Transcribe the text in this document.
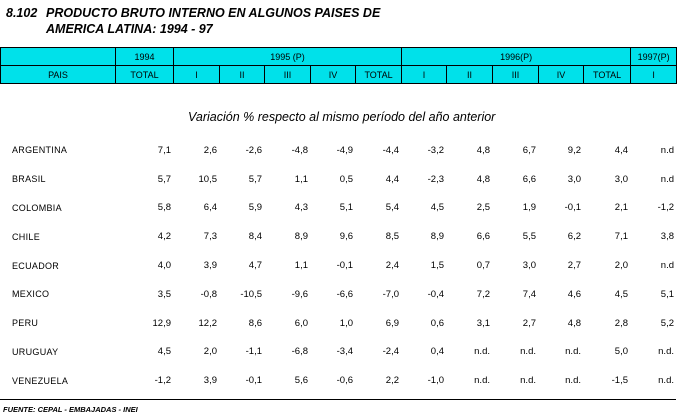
8.102 PRODUCTO BRUTO INTERNO EN ALGUNOS PAISES DE
AMERICA LATINA: 1994 - 97
	1994	1995 (P)					1996(P)					1997(P)
PAIS	TOTAL	I	II	III	IV	TOTAL	I	II	III	IV	TOTAL	I
Variación % respecto al mismo período del año anterior
ARGENTINA	7,1	2,6	-2,6	-4,8	-4,9	-4,4	-3,2	4,8	6,7	9,2	4,4	n.d
BRASIL	5,7	10,5	5,7	1,1	0,5	4,4	-2,3	4,8	6,6	3,0	3,0	n.d
COLOMBIA	5,8	6,4	5,9	4,3	5,1	5,4	4,5	2,5	1,9	-0,1	2,1	-1,2
CHILE	4,2	7,3	8,4	8,9	9,6	8,5	8,9	6,6	5,5	6,2	7,1	3,8
ECUADOR	4,0	3,9	4,7	1,1	-0,1	2,4	1,5	0,7	3,0	2,7	2,0	n.d
MEXICO	3,5	-0,8	-10,5	-9,6	-6,6	-7,0	-0,4	7,2	7,4	4,6	4,5	5,1
PERU	12,9	12,2	8,6	6,0	1,0	6,9	0,6	3,1	2,7	4,8	2,8	5,2
URUGUAY	4,5	2,0	-1,1	-6,8	-3,4	-2,4	0,4	n.d.	n.d.	n.d.	5,0	n.d.
VENEZUELA	-1,2	3,9	-0,1	5,6	-0,6	2,2	-1,0	n.d.	n.d.	n.d.	-1,5	n.d.
FUENTE: CEPAL - EMBAJADAS - INEI
